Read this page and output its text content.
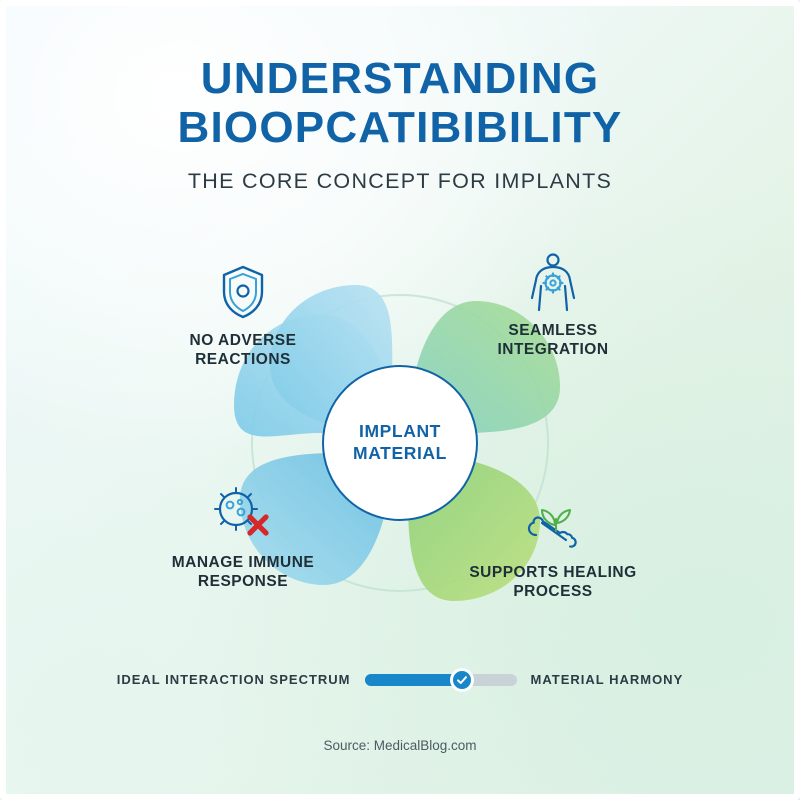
UNDERSTANDING
BIOOPCATIBIBILITY
THE CORE CONCEPT FOR IMPLANTS
IMPLANT
MATERIAL
NO ADVERSE
REACTIONS
SEAMLESS
INTEGRATION
MANAGE IMMUNE
RESPONSE
SUPPORTS HEALING
PROCESS
IDEAL INTERACTION SPECTRUM	MATERIAL HARMONY
Source: MedicalBlog.com
